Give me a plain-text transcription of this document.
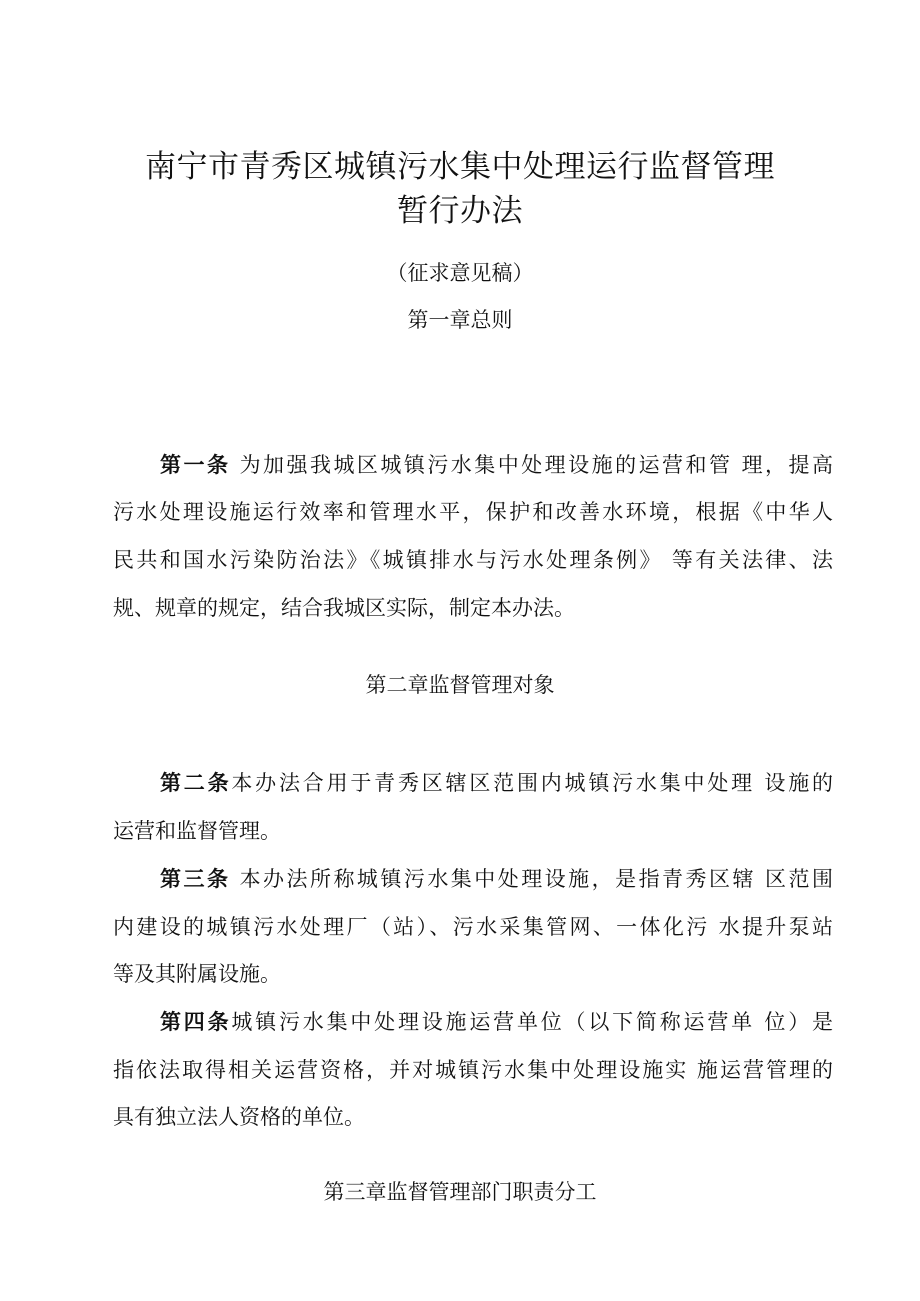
南宁市青秀区城镇污水集中处理运行监督管理
暂行办法
（征求意见稿）
第一章总则
第一条 为加强我城区城镇污水集中处理设施的运营和管 理，提高
污水处理设施运行效率和管理水平，保护和改善水环境，根据《中华人
民共和国水污染防治法》《城镇排水与污水处理条例》 等有关法律、法
规、规章的规定，结合我城区实际，制定本办法。
第二章监督管理对象
第二条本办法合用于青秀区辖区范围内城镇污水集中处理 设施的
运营和监督管理。
第三条 本办法所称城镇污水集中处理设施，是指青秀区辖 区范围
内建设的城镇污水处理厂（站）、污水采集管网、一体化污 水提升泵站
等及其附属设施。
第四条城镇污水集中处理设施运营单位（以下简称运营单 位）是
指依法取得相关运营资格，并对城镇污水集中处理设施实 施运营管理的
具有独立法人资格的单位。
第三章监督管理部门职责分工
